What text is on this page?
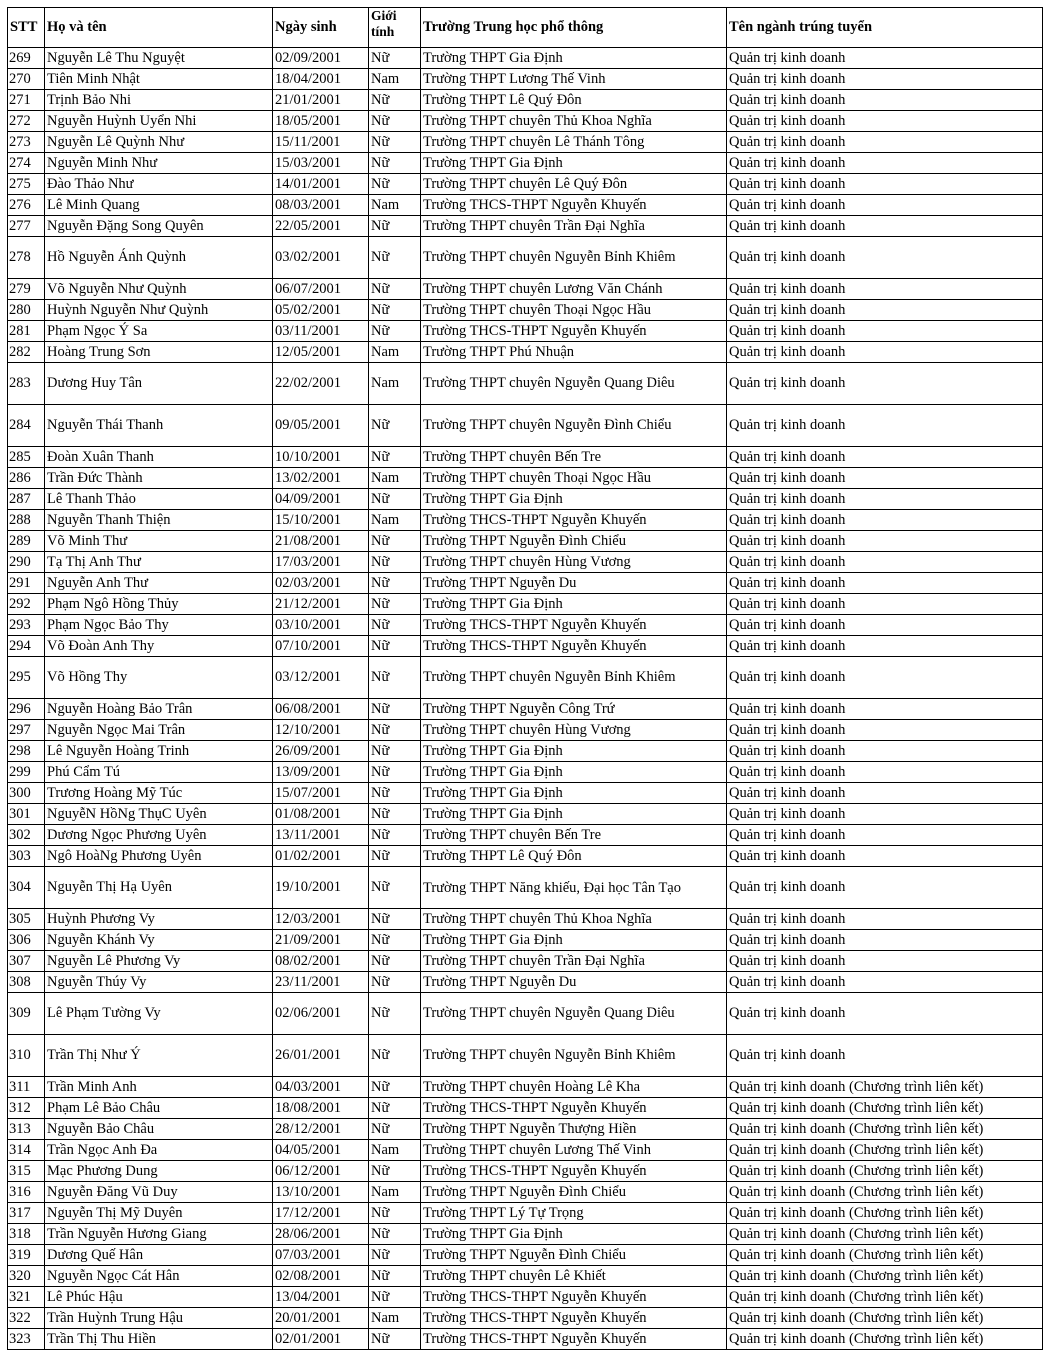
STT	Họ và tên	Ngày sinh	Giới tính	Trường Trung học phổ thông	Tên ngành trúng tuyển
269	Nguyễn Lê Thu Nguyệt	02/09/2001	Nữ	Trường THPT Gia Định	Quản trị kinh doanh
270	Tiên Minh Nhật	18/04/2001	Nam	Trường THPT Lương Thế Vinh	Quản trị kinh doanh
271	Trịnh Bảo Nhi	21/01/2001	Nữ	Trường THPT Lê Quý Đôn	Quản trị kinh doanh
272	Nguyễn Huỳnh Uyển Nhi	18/05/2001	Nữ	Trường THPT chuyên Thủ Khoa Nghĩa	Quản trị kinh doanh
273	Nguyễn Lê Quỳnh Như	15/11/2001	Nữ	Trường THPT chuyên Lê Thánh Tông	Quản trị kinh doanh
274	Nguyễn Minh Như	15/03/2001	Nữ	Trường THPT Gia Định	Quản trị kinh doanh
275	Đào Thảo Như	14/01/2001	Nữ	Trường THPT chuyên Lê Quý Đôn	Quản trị kinh doanh
276	Lê Minh Quang	08/03/2001	Nam	Trường THCS-THPT Nguyễn Khuyến	Quản trị kinh doanh
277	Nguyễn Đặng Song Quyên	22/05/2001	Nữ	Trường THPT chuyên Trần Đại Nghĩa	Quản trị kinh doanh
278	Hồ Nguyễn Ánh Quỳnh	03/02/2001	Nữ	Trường THPT chuyên Nguyễn Bỉnh Khiêm	Quản trị kinh doanh
279	Võ Nguyễn Như Quỳnh	06/07/2001	Nữ	Trường THPT chuyên Lương Văn Chánh	Quản trị kinh doanh
280	Huỳnh Nguyễn Như Quỳnh	05/02/2001	Nữ	Trường THPT chuyên Thoại Ngọc Hầu	Quản trị kinh doanh
281	Phạm Ngọc Ý Sa	03/11/2001	Nữ	Trường THCS-THPT Nguyễn Khuyến	Quản trị kinh doanh
282	Hoàng Trung Sơn	12/05/2001	Nam	Trường THPT Phú Nhuận	Quản trị kinh doanh
283	Dương Huy Tân	22/02/2001	Nam	Trường THPT chuyên Nguyễn Quang Diêu	Quản trị kinh doanh
284	Nguyễn Thái Thanh	09/05/2001	Nữ	Trường THPT chuyên Nguyễn Đình Chiểu	Quản trị kinh doanh
285	Đoàn Xuân Thanh	10/10/2001	Nữ	Trường THPT chuyên Bến Tre	Quản trị kinh doanh
286	Trần Đức Thành	13/02/2001	Nam	Trường THPT chuyên Thoại Ngọc Hầu	Quản trị kinh doanh
287	Lê Thanh Thảo	04/09/2001	Nữ	Trường THPT Gia Định	Quản trị kinh doanh
288	Nguyễn Thanh Thiện	15/10/2001	Nam	Trường THCS-THPT Nguyễn Khuyến	Quản trị kinh doanh
289	Võ Minh Thư	21/08/2001	Nữ	Trường THPT Nguyễn Đình Chiểu	Quản trị kinh doanh
290	Tạ Thị Anh Thư	17/03/2001	Nữ	Trường THPT chuyên Hùng Vương	Quản trị kinh doanh
291	Nguyễn Anh Thư	02/03/2001	Nữ	Trường THPT Nguyễn Du	Quản trị kinh doanh
292	Phạm Ngô Hồng Thủy	21/12/2001	Nữ	Trường THPT Gia Định	Quản trị kinh doanh
293	Phạm Ngọc Bảo Thy	03/10/2001	Nữ	Trường THCS-THPT Nguyễn Khuyến	Quản trị kinh doanh
294	Võ Đoàn Anh Thy	07/10/2001	Nữ	Trường THCS-THPT Nguyễn Khuyến	Quản trị kinh doanh
295	Võ Hồng Thy	03/12/2001	Nữ	Trường THPT chuyên Nguyễn Bỉnh Khiêm	Quản trị kinh doanh
296	Nguyễn Hoàng Bảo Trân	06/08/2001	Nữ	Trường THPT Nguyễn Công Trứ	Quản trị kinh doanh
297	Nguyễn Ngọc Mai Trân	12/10/2001	Nữ	Trường THPT chuyên Hùng Vương	Quản trị kinh doanh
298	Lê Nguyễn Hoàng Trinh	26/09/2001	Nữ	Trường THPT Gia Định	Quản trị kinh doanh
299	Phú Cẩm Tú	13/09/2001	Nữ	Trường THPT Gia Định	Quản trị kinh doanh
300	Trương Hoàng Mỹ Túc	15/07/2001	Nữ	Trường THPT Gia Định	Quản trị kinh doanh
301	NguyễN HồNg ThụC Uyên	01/08/2001	Nữ	Trường THPT Gia Định	Quản trị kinh doanh
302	Dương Ngọc Phương Uyên	13/11/2001	Nữ	Trường THPT chuyên Bến Tre	Quản trị kinh doanh
303	Ngô HoàNg Phương Uyên	01/02/2001	Nữ	Trường THPT Lê Quý Đôn	Quản trị kinh doanh
304	Nguyễn Thị Hạ Uyên	19/10/2001	Nữ	Trường THPT Năng khiếu, Đại học Tân Tạo	Quản trị kinh doanh
305	Huỳnh Phương Vy	12/03/2001	Nữ	Trường THPT chuyên Thủ Khoa Nghĩa	Quản trị kinh doanh
306	Nguyễn Khánh Vy	21/09/2001	Nữ	Trường THPT Gia Định	Quản trị kinh doanh
307	Nguyễn Lê Phương Vy	08/02/2001	Nữ	Trường THPT chuyên Trần Đại Nghĩa	Quản trị kinh doanh
308	Nguyễn Thúy Vy	23/11/2001	Nữ	Trường THPT Nguyễn Du	Quản trị kinh doanh
309	Lê Phạm Tường Vy	02/06/2001	Nữ	Trường THPT chuyên Nguyễn Quang Diêu	Quản trị kinh doanh
310	Trần Thị Như Ý	26/01/2001	Nữ	Trường THPT chuyên Nguyễn Bỉnh Khiêm	Quản trị kinh doanh
311	Trần Minh Anh	04/03/2001	Nữ	Trường THPT chuyên Hoàng Lê Kha	Quản trị kinh doanh (Chương trình liên kết)
312	Phạm Lê Bảo Châu	18/08/2001	Nữ	Trường THCS-THPT Nguyễn Khuyến	Quản trị kinh doanh (Chương trình liên kết)
313	Nguyễn Bảo Châu	28/12/2001	Nữ	Trường THPT Nguyễn Thượng Hiền	Quản trị kinh doanh (Chương trình liên kết)
314	Trần Ngọc Anh Đa	04/05/2001	Nam	Trường THPT chuyên Lương Thế Vinh	Quản trị kinh doanh (Chương trình liên kết)
315	Mạc Phương Dung	06/12/2001	Nữ	Trường THCS-THPT Nguyễn Khuyến	Quản trị kinh doanh (Chương trình liên kết)
316	Nguyễn Đăng Vũ Duy	13/10/2001	Nam	Trường THPT Nguyễn Đình Chiểu	Quản trị kinh doanh (Chương trình liên kết)
317	Nguyễn Thị Mỹ Duyên	17/12/2001	Nữ	Trường THPT Lý Tự Trọng	Quản trị kinh doanh (Chương trình liên kết)
318	Trần Nguyễn Hương Giang	28/06/2001	Nữ	Trường THPT Gia Định	Quản trị kinh doanh (Chương trình liên kết)
319	Dương Quế Hân	07/03/2001	Nữ	Trường THPT Nguyễn Đình Chiểu	Quản trị kinh doanh (Chương trình liên kết)
320	Nguyễn Ngọc Cát Hân	02/08/2001	Nữ	Trường THPT chuyên Lê Khiết	Quản trị kinh doanh (Chương trình liên kết)
321	Lê Phúc Hậu	13/04/2001	Nữ	Trường THCS-THPT Nguyễn Khuyến	Quản trị kinh doanh (Chương trình liên kết)
322	Trần Huỳnh Trung Hậu	20/01/2001	Nam	Trường THCS-THPT Nguyễn Khuyến	Quản trị kinh doanh (Chương trình liên kết)
323	Trần Thị Thu Hiền	02/01/2001	Nữ	Trường THCS-THPT Nguyễn Khuyến	Quản trị kinh doanh (Chương trình liên kết)
